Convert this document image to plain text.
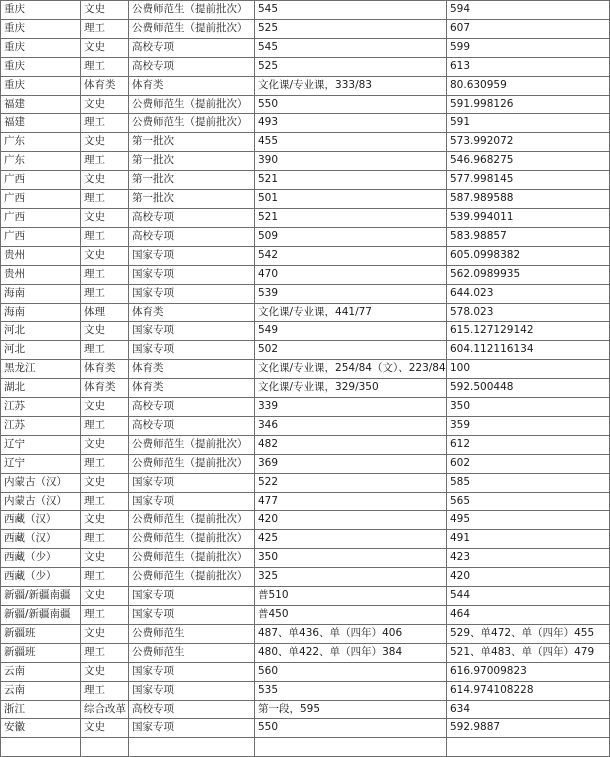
重庆	文史	公费师范生（提前批次）	545	594
重庆	理工	公费师范生（提前批次）	525	607
重庆	文史	高校专项	545	599
重庆	理工	高校专项	525	613
重庆	体育类	体育类	文化课/专业课，333/83	80.630959
福建	文史	公费师范生（提前批次）	550	591.998126
福建	理工	公费师范生（提前批次）	493	591
广东	文史	第一批次	455	573.992072
广东	理工	第一批次	390	546.968275
广西	文史	第一批次	521	577.998145
广西	理工	第一批次	501	587.989588
广西	文史	高校专项	521	539.994011
广西	理工	高校专项	509	583.98857
贵州	文史	国家专项	542	605.0998382
贵州	理工	国家专项	470	562.0989935
海南	理工	国家专项	539	644.023
海南	体理	体育类	文化课/专业课，441/77	578.023
河北	文史	国家专项	549	615.127129142
河北	理工	国家专项	502	604.112116134
黑龙江	体育类	体育类	文化课/专业课，254/84（文）、223/84	100
湖北	体育类	体育类	文化课/专业课，329/350	592.500448
江苏	文史	高校专项	339	350
江苏	理工	高校专项	346	359
辽宁	文史	公费师范生（提前批次）	482	612
辽宁	理工	公费师范生（提前批次）	369	602
内蒙古（汉）	文史	国家专项	522	585
内蒙古（汉）	理工	国家专项	477	565
西藏（汉）	文史	公费师范生（提前批次）	420	495
西藏（汉）	理工	公费师范生（提前批次）	425	491
西藏（少）	文史	公费师范生（提前批次）	350	423
西藏（少）	理工	公费师范生（提前批次）	325	420
新疆/新疆南疆	文史	国家专项	普510	544
新疆/新疆南疆	理工	国家专项	普450	464
新疆班	文史	公费师范生	487、单436、单（四年）406	529、单472、单（四年）455
新疆班	理工	公费师范生	480、单422、单（四年）384	521、单483、单（四年）479
云南	文史	国家专项	560	616.97009823
云南	理工	国家专项	535	614.974108228
浙江	综合改革	高校专项	第一段，595	634
安徽	文史	国家专项	550	592.9887
